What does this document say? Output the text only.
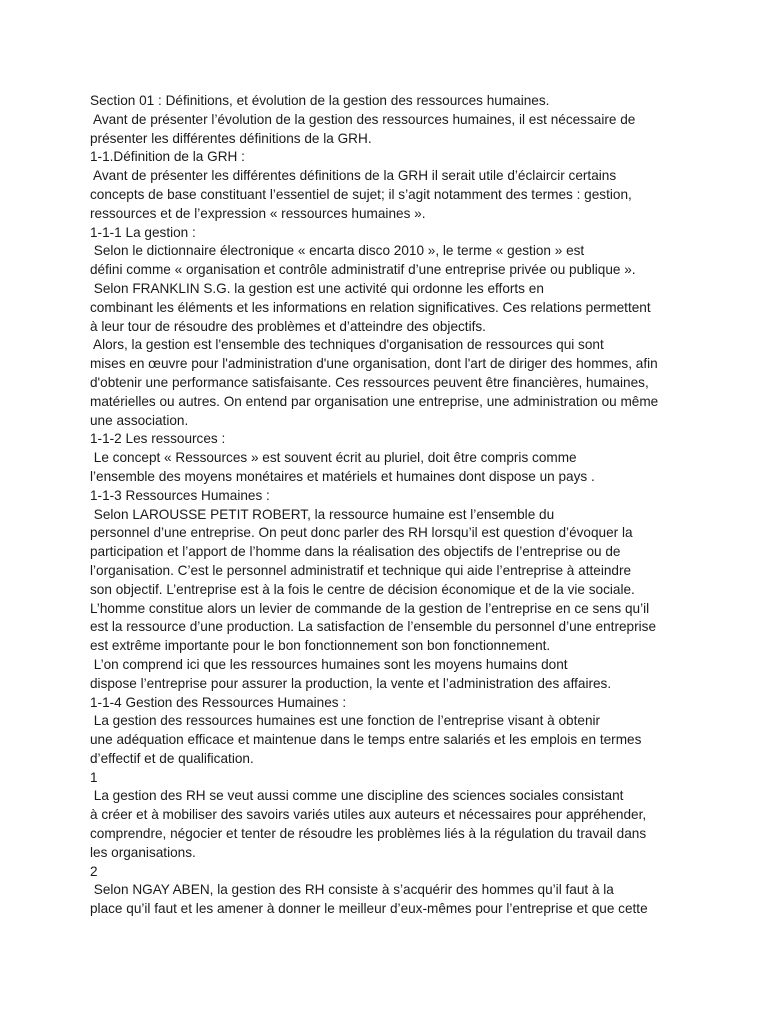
Section 01 : Définitions, et évolution de la gestion des ressources humaines.
Avant de présenter l’évolution de la gestion des ressources humaines, il est nécessaire de
présenter les différentes définitions de la GRH.
1-1.Définition de la GRH :
Avant de présenter les différentes définitions de la GRH il serait utile d’éclaircir certains
concepts de base constituant l’essentiel de sujet; il s’agit notamment des termes : gestion,
ressources et de l’expression « ressources humaines ».
1-1-1 La gestion :
Selon le dictionnaire électronique « encarta disco 2010 », le terme « gestion » est
défini comme « organisation et contrôle administratif d’une entreprise privée ou publique ».
Selon FRANKLIN S.G. la gestion est une activité qui ordonne les efforts en
combinant les éléments et les informations en relation significatives. Ces relations permettent
à leur tour de résoudre des problèmes et d’atteindre des objectifs.
Alors, la gestion est l'ensemble des techniques d'organisation de ressources qui sont
mises en œuvre pour l'administration d'une organisation, dont l'art de diriger des hommes, afin
d'obtenir une performance satisfaisante. Ces ressources peuvent être financières, humaines,
matérielles ou autres. On entend par organisation une entreprise, une administration ou même
une association.
1-1-2 Les ressources :
Le concept « Ressources » est souvent écrit au pluriel, doit être compris comme
l’ensemble des moyens monétaires et matériels et humaines dont dispose un pays .
1-1-3 Ressources Humaines :
Selon LAROUSSE PETIT ROBERT, la ressource humaine est l’ensemble du
personnel d’une entreprise. On peut donc parler des RH lorsqu’il est question d’évoquer la
participation et l’apport de l’homme dans la réalisation des objectifs de l’entreprise ou de
l’organisation. C’est le personnel administratif et technique qui aide l’entreprise à atteindre
son objectif. L’entreprise est à la fois le centre de décision économique et de la vie sociale.
L’homme constitue alors un levier de commande de la gestion de l’entreprise en ce sens qu’il
est la ressource d’une production. La satisfaction de l’ensemble du personnel d’une entreprise
est extrême importante pour le bon fonctionnement son bon fonctionnement.
L’on comprend ici que les ressources humaines sont les moyens humains dont
dispose l’entreprise pour assurer la production, la vente et l’administration des affaires.
1-1-4 Gestion des Ressources Humaines :
La gestion des ressources humaines est une fonction de l’entreprise visant à obtenir
une adéquation efficace et maintenue dans le temps entre salariés et les emplois en termes
d’effectif et de qualification.
1
La gestion des RH se veut aussi comme une discipline des sciences sociales consistant
à créer et à mobiliser des savoirs variés utiles aux auteurs et nécessaires pour appréhender,
comprendre, négocier et tenter de résoudre les problèmes liés à la régulation du travail dans
les organisations.
2
Selon NGAY ABEN, la gestion des RH consiste à s’acquérir des hommes qu’il faut à la
place qu’il faut et les amener à donner le meilleur d’eux-mêmes pour l’entreprise et que cette
